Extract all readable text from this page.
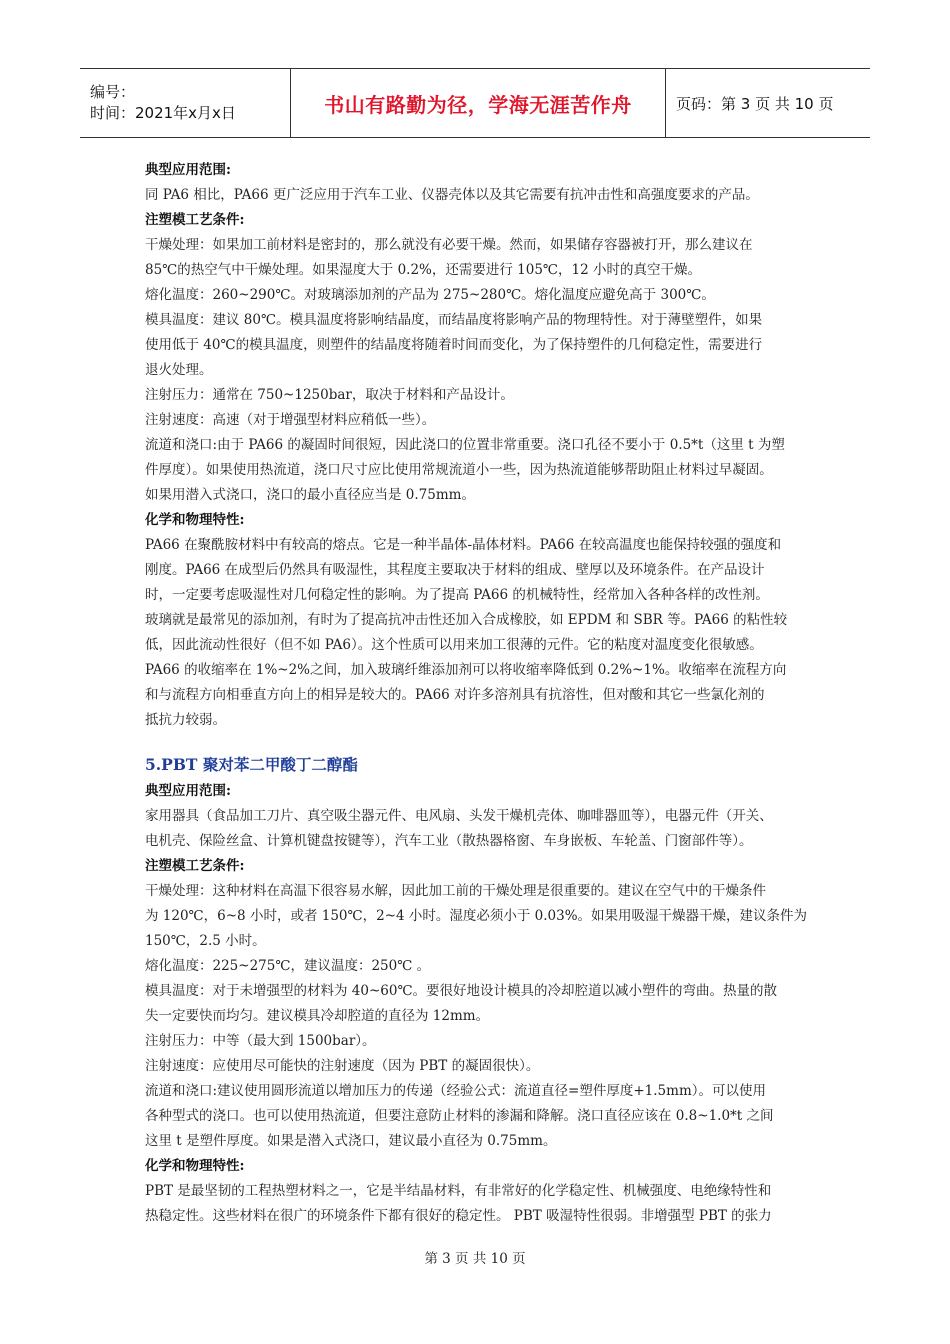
编号：
时间：2021年x月x日	书山有路勤为径，学海无涯苦作舟	页码：第 3 页 共 10 页
典型应用范围:
同 PA6 相比，PA66 更广泛应用于汽车工业、仪器壳体以及其它需要有抗冲击性和高强度要求的产品。
注塑模工艺条件:
干燥处理：如果加工前材料是密封的，那么就没有必要干燥。然而，如果储存容器被打开，那么建议在
85℃的热空气中干燥处理。如果湿度大于 0.2%，还需要进行 105℃，12 小时的真空干燥。
熔化温度：260~290℃。对玻璃添加剂的产品为 275~280℃。熔化温度应避免高于 300℃。
模具温度：建议 80℃。模具温度将影响结晶度，而结晶度将影响产品的物理特性。对于薄壁塑件，如果
使用低于 40℃的模具温度，则塑件的结晶度将随着时间而变化，为了保持塑件的几何稳定性，需要进行
退火处理。
注射压力：通常在 750~1250bar，取决于材料和产品设计。
注射速度：高速（对于增强型材料应稍低一些）。
流道和浇口:由于 PA66 的凝固时间很短，因此浇口的位置非常重要。浇口孔径不要小于 0.5*t（这里 t 为塑
件厚度）。如果使用热流道，浇口尺寸应比使用常规流道小一些，因为热流道能够帮助阻止材料过早凝固。
如果用潜入式浇口，浇口的最小直径应当是 0.75mm。
化学和物理特性:
PA66 在聚酰胺材料中有较高的熔点。它是一种半晶体-晶体材料。PA66 在较高温度也能保持较强的强度和
刚度。PA66 在成型后仍然具有吸湿性，其程度主要取决于材料的组成、壁厚以及环境条件。在产品设计
时，一定要考虑吸湿性对几何稳定性的影响。为了提高 PA66 的机械特性，经常加入各种各样的改性剂。
玻璃就是最常见的添加剂，有时为了提高抗冲击性还加入合成橡胶，如 EPDM 和 SBR 等。PA66 的粘性较
低，因此流动性很好（但不如 PA6）。这个性质可以用来加工很薄的元件。它的粘度对温度变化很敏感。
PA66 的收缩率在 1%~2%之间，加入玻璃纤维添加剂可以将收缩率降低到 0.2%~1%。收缩率在流程方向
和与流程方向相垂直方向上的相异是较大的。PA66 对许多溶剂具有抗溶性，但对酸和其它一些氯化剂的
抵抗力较弱。
5.PBT 聚对苯二甲酸丁二醇酯
典型应用范围:
家用器具（食品加工刀片、真空吸尘器元件、电风扇、头发干燥机壳体、咖啡器皿等），电器元件（开关、
电机壳、保险丝盒、计算机键盘按键等），汽车工业（散热器格窗、车身嵌板、车轮盖、门窗部件等）。
注塑模工艺条件:
干燥处理：这种材料在高温下很容易水解，因此加工前的干燥处理是很重要的。建议在空气中的干燥条件
为 120℃，6~8 小时，或者 150℃，2~4 小时。湿度必须小于 0.03%。如果用吸湿干燥器干燥，建议条件为
150℃，2.5 小时。
熔化温度：225~275℃，建议温度：250℃ 。
模具温度：对于未增强型的材料为 40~60℃。要很好地设计模具的冷却腔道以减小塑件的弯曲。热量的散
失一定要快而均匀。建议模具冷却腔道的直径为 12mm。
注射压力：中等（最大到 1500bar）。
注射速度：应使用尽可能快的注射速度（因为 PBT 的凝固很快）。
流道和浇口:建议使用圆形流道以增加压力的传递（经验公式：流道直径=塑件厚度+1.5mm）。可以使用
各种型式的浇口。也可以使用热流道，但要注意防止材料的渗漏和降解。浇口直径应该在 0.8~1.0*t 之间
这里 t 是塑件厚度。如果是潜入式浇口，建议最小直径为 0.75mm。
化学和物理特性:
PBT 是最坚韧的工程热塑材料之一，它是半结晶材料，有非常好的化学稳定性、机械强度、电绝缘特性和
热稳定性。这些材料在很广的环境条件下都有很好的稳定性。 PBT 吸湿特性很弱。非增强型 PBT 的张力
第 3 页 共 10 页
